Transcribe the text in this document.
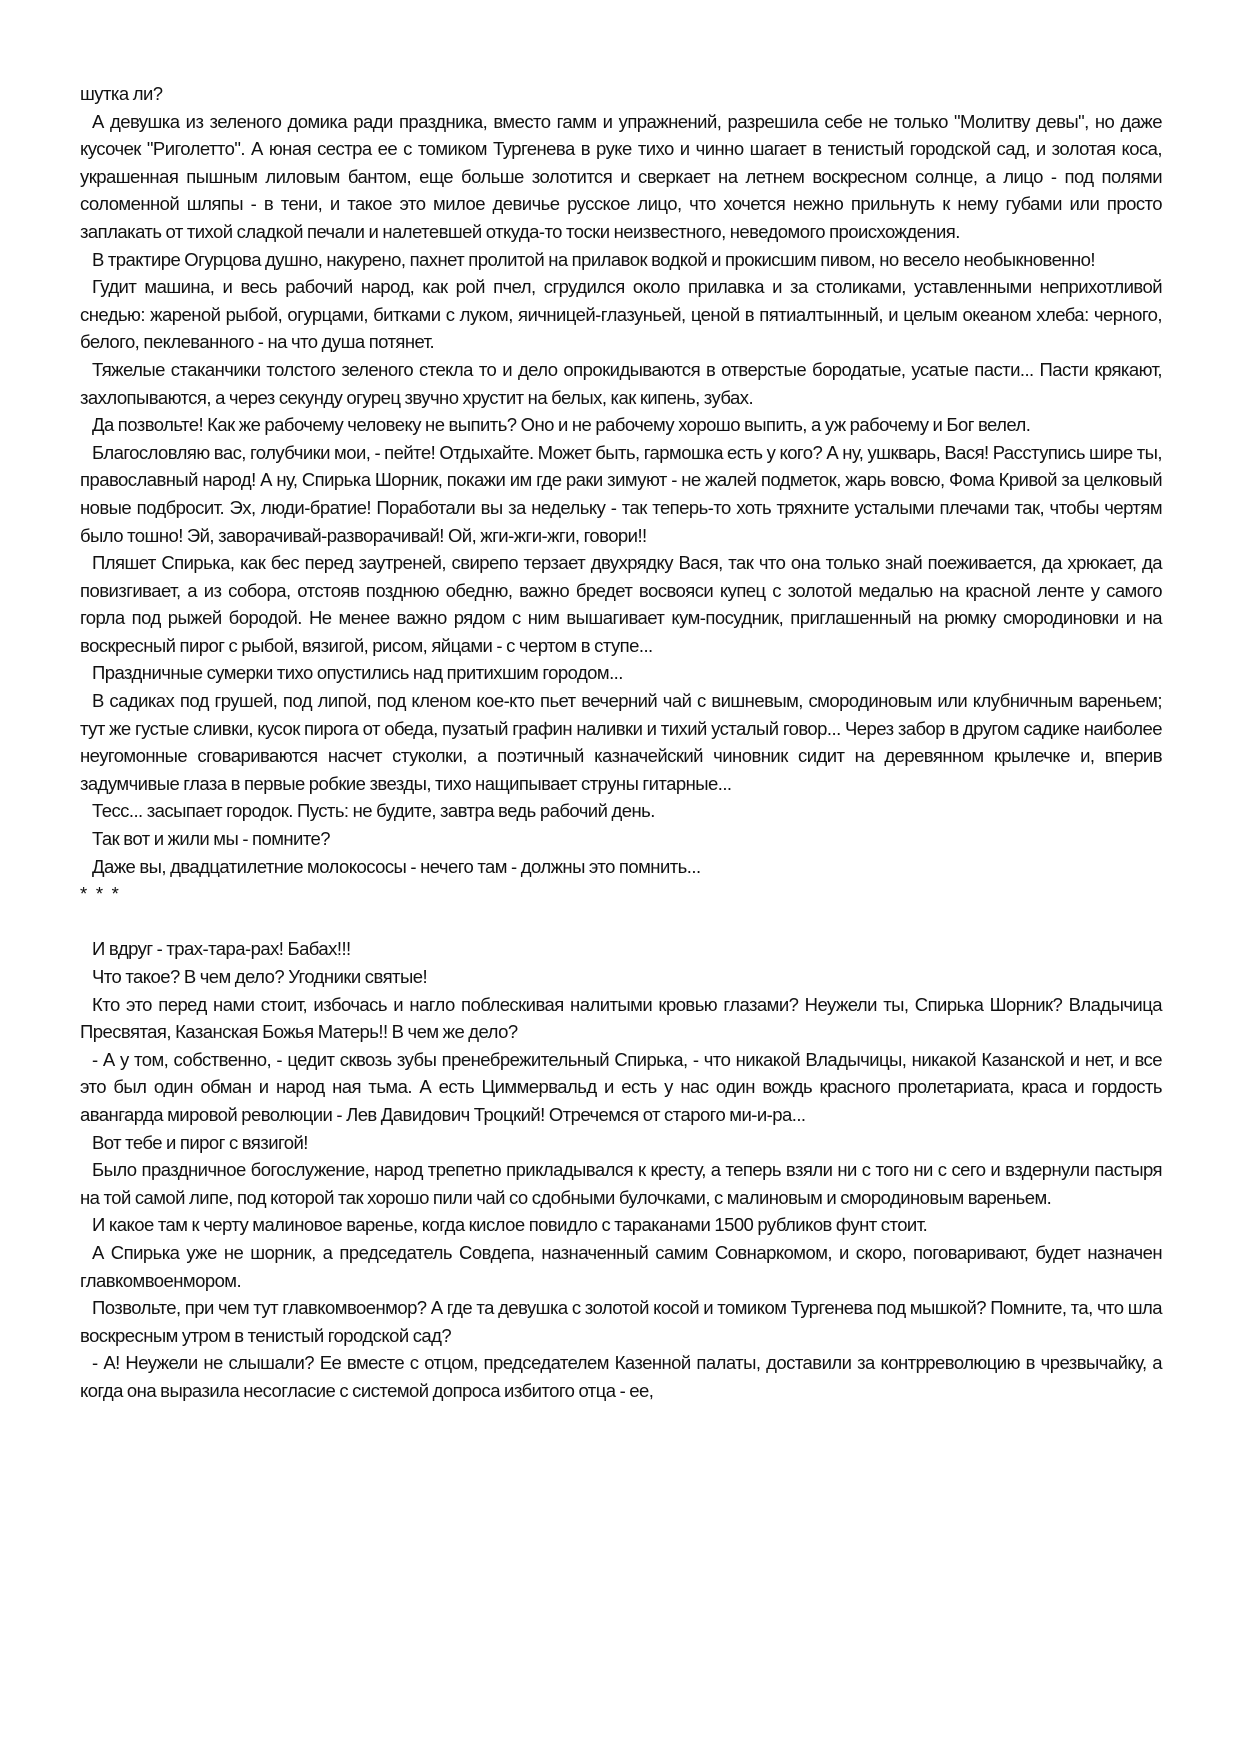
шутка ли?

А девушка из зеленого домика ради праздника, вместо гамм и упражнений, разрешила себе не только "Молитву девы", но даже кусочек "Риголетто". А юная сестра ее с томиком Тургенева в руке тихо и чинно шагает в тенистый городской сад, и золотая коса, украшенная пышным лиловым бантом, еще больше золотится и сверкает на летнем воскресном солнце, а лицо - под полями соломенной шляпы - в тени, и такое это милое девичье русское лицо, что хочется нежно прильнуть к нему губами или просто заплакать от тихой сладкой печали и налетевшей откуда-то тоски неизвестного, неведомого происхождения.

В трактире Огурцова душно, накурено, пахнет пролитой на прилавок водкой и прокисшим пивом, но весело необыкновенно!

Гудит машина, и весь рабочий народ, как рой пчел, сгрудился около прилавка и за столиками, уставленными неприхотливой снедью: жареной рыбой, огурцами, битками с луком, яичницей-глазуньей, ценой в пятиалтынный, и целым океаном хлеба: черного, белого, пеклеванного - на что душа потянет.

Тяжелые стаканчики толстого зеленого стекла то и дело опрокидываются в отверстые бородатые, усатые пасти... Пасти крякают, захлопываются, а через секунду огурец звучно хрустит на белых, как кипень, зубах.

Да позвольте! Как же рабочему человеку не выпить? Оно и не рабочему хорошо выпить, а уж рабочему и Бог велел.

Благословляю вас, голубчики мои, - пейте! Отдыхайте. Может быть, гармошка есть у кого? А ну, ушкварь, Вася! Расступись шире ты, православный народ! А ну, Спирька Шорник, покажи им где раки зимуют - не жалей подметок, жарь вовсю, Фома Кривой за целковый новые подбросит. Эх, люди-братие! Поработали вы за недельку - так теперь-то хоть тряхните усталыми плечами так, чтобы чертям было тошно! Эй, заворачивай-разворачивай! Ой, жги-жги-жги, говори!!

Пляшет Спирька, как бес перед заутреней, свирепо терзает двухрядку Вася, так что она только знай поеживается, да хрюкает, да повизгивает, а из собора, отстояв позднюю обедню, важно бредет восвояси купец с золотой медалью на красной ленте у самого горла под рыжей бородой. Не менее важно рядом с ним вышагивает кум-посудник, приглашенный на рюмку смородиновки и на воскресный пирог с рыбой, вязигой, рисом, яйцами - с чертом в ступе...

Праздничные сумерки тихо опустились над притихшим городом...

В садиках под грушей, под липой, под кленом кое-кто пьет вечерний чай с вишневым, смородиновым или клубничным вареньем; тут же густые сливки, кусок пирога от обеда, пузатый графин наливки и тихий усталый говор... Через забор в другом садике наиболее неугомонные сговариваются насчет стуколки, а поэтичный казначейский чиновник сидит на деревянном крылечке и, вперив задумчивые глаза в первые робкие звезды, тихо нащипывает струны гитарные...

Тесс... засыпает городок. Пусть: не будите, завтра ведь рабочий день.

Так вот и жили мы - помните?

Даже вы, двадцатилетние молокососы - нечего там - должны это помнить...

* * *

И вдруг - трах-тара-рах! Бабах!!!

Что такое? В чем дело? Угодники святые!

Кто это перед нами стоит, избочась и нагло поблескивая налитыми кровью глазами? Неужели ты, Спирька Шорник? Владычица Пресвятая, Казанская Божья Матерь!! В чем же дело?

- А у том, собственно, - цедит сквозь зубы пренебрежительный Спирька, - что никакой Владычицы, никакой Казанской и нет, и все это был один обман и народ ная тьма. А есть Циммервальд и есть у нас один вождь красного пролетариата, краса и гордость авангарда мировой революции - Лев Давидович Троцкий! Отречемся от старого ми-и-ра...

Вот тебе и пирог с вязигой!

Было праздничное богослужение, народ трепетно прикладывался к кресту, а теперь взяли ни с того ни с сего и вздернули пастыря на той самой липе, под которой так хорошо пили чай со сдобными булочками, с малиновым и смородиновым вареньем.

И какое там к черту малиновое варенье, когда кислое повидло с тараканами 1500 рубликов фунт стоит.

А Спирька уже не шорник, а председатель Совдепа, назначенный самим Совнаркомом, и скоро, поговаривают, будет назначен главкомвоенмором.

Позвольте, при чем тут главкомвоенмор? А где та девушка с золотой косой и томиком Тургенева под мышкой? Помните, та, что шла воскресным утром в тенистый городской сад?

- А! Неужели не слышали? Ее вместе с отцом, председателем Казенной палаты, доставили за контрреволюцию в чрезвычайку, а когда она выразила несогласие с системой допроса избитого отца - ее,
